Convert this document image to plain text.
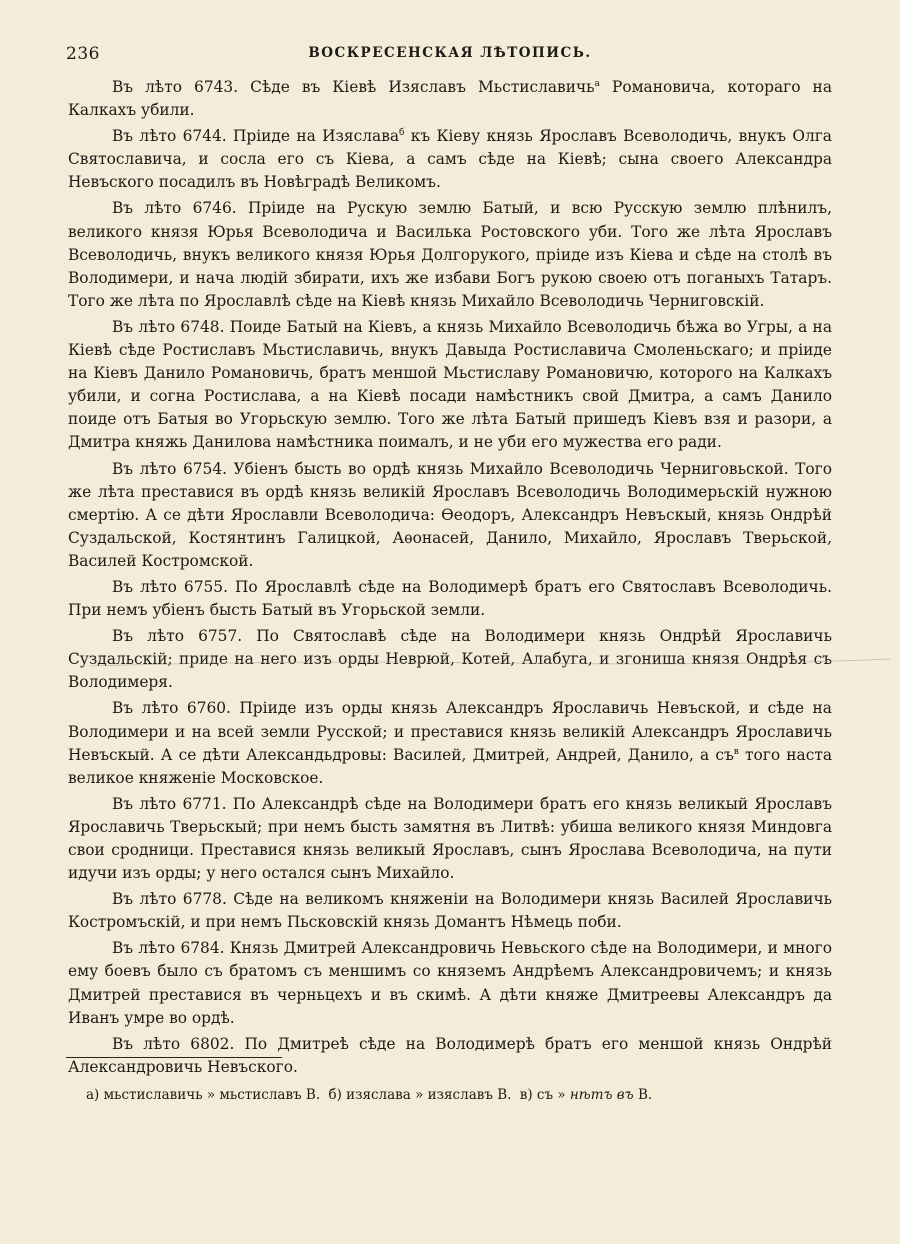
236	ВОСКРЕСЕНСКАЯ ЛѢТОПИСЬ.

Въ лѣто 6743. Сѣде въ Кіевѣ Изяславъ Мьстиславичь$^а$ Романовича, котораго на Калкахъ убили.

Въ лѣто 6744. Пріиде на Изяслава$^б$ къ Кіеву князь Ярославъ Всеволодичь, внукъ Олга Святославича, и сосла его съ Кіева, а самъ сѣде на Кіевѣ; сына своего Александра Невъского посадилъ въ Новѣградѣ Великомъ.

Въ лѣто 6746. Пріиде на Рускую землю Батый, и всю Русскую землю плѣнилъ, великого князя Юрья Всеволодича и Василька Ростовского уби. Того же лѣта Ярославъ Всеволодичь, внукъ великого князя Юрья Долгорукого, пріиде изъ Кіева и сѣде на столѣ въ Володимери, и нача людій збирати, ихъ же избави Богъ рукою своею отъ поганыхъ Татаръ. Того же лѣта по Ярославлѣ сѣде на Кіевѣ князь Михайло Всеволодичь Черниговскій.

Въ лѣто 6748. Поиде Батый на Кіевъ, а князь Михайло Всеволодичь бѣжа во Угры, а на Кіевѣ сѣде Ростиславъ Мьстиславичь, внукъ Давыда Ростиславича Смоленьскаго; и пріиде на Кіевъ Данило Романовичь, братъ меншой Мьстиславу Романовичю, которого на Калкахъ убили, и согна Ростислава, а на Кіевѣ посади намѣстникъ свой Дмитра, а самъ Данило поиде отъ Батыя во Угорьскую землю. Того же лѣта Батый пришедъ Кіевъ взя и разори, а Дмитра княжь Данилова намѣстника поималъ, и не уби его мужества его ради.

Въ лѣто 6754. Убіенъ бысть во ордѣ князь Михайло Всеволодичь Черниговьской. Того же лѣта преставися въ ордѣ князь великій Ярославъ Всеволодичь Володимерьскій нужною смертію. А се дѣти Ярославли Всеволодича: Ѳеодоръ, Александръ Невъскый, князь Ондрѣй Суздальской, Костянтинъ Галицкой, Аѳонасей, Данило, Михайло, Ярославъ Тверьской, Василей Костромской.

Въ лѣто 6755. По Ярославлѣ сѣде на Володимерѣ братъ его Святославъ Всеволодичь. При немъ убіенъ бысть Батый въ Угорьской земли.

Въ лѣто 6757. По Святославѣ сѣде на Володимери князь Ондрѣй Ярославичь Суздальскій; приде на него изъ орды Неврюй, Котей, Алабуга, и згониша князя Ондрѣя съ Володимеря.

Въ лѣто 6760. Пріиде изъ орды князь Александръ Ярославичь Невъской, и сѣде на Володимери и на всей земли Русской; и преставися князь великій Александръ Ярославичь Невъскый. А се дѣти Александьдровы: Василей, Дмитрей, Андрей, Данило, а съ$^в$ того наста великое княженіе Московское.

Въ лѣто 6771. По Александрѣ сѣде на Володимери братъ его князь великый Ярославъ Ярославичь Тверьскый; при немъ бысть замятня въ Литвѣ: убиша великого князя Миндовга свои сродници. Преставися князь великый Ярославъ, сынъ Ярослава Всеволодича, на пути идучи изъ орды; у него остался сынъ Михайло.

Въ лѣто 6778. Сѣде на великомъ княженіи на Володимери князь Василей Ярославичь Костромъскій, и при немъ Пьсковскій князь Домантъ Нѣмець поби.

Въ лѣто 6784. Князь Дмитрей Александровичь Невьского сѣде на Володимери, и много ему боевъ было съ братомъ съ меншимъ со княземъ Андрѣемъ Александровичемъ; и князь Дмитрей преставися въ черньцехъ и въ скимѣ. А дѣти княже Дмитреевы Александръ да Иванъ умре во ордѣ.

Въ лѣто 6802. По Дмитреѣ сѣде на Володимерѣ братъ его меншой князь Ондрѣй Александровичь Невъского.

а) мьстиславичь » мьстиславъ В. б) изяслава » изяславъ В. в) съ » нѣтъ въ В.
